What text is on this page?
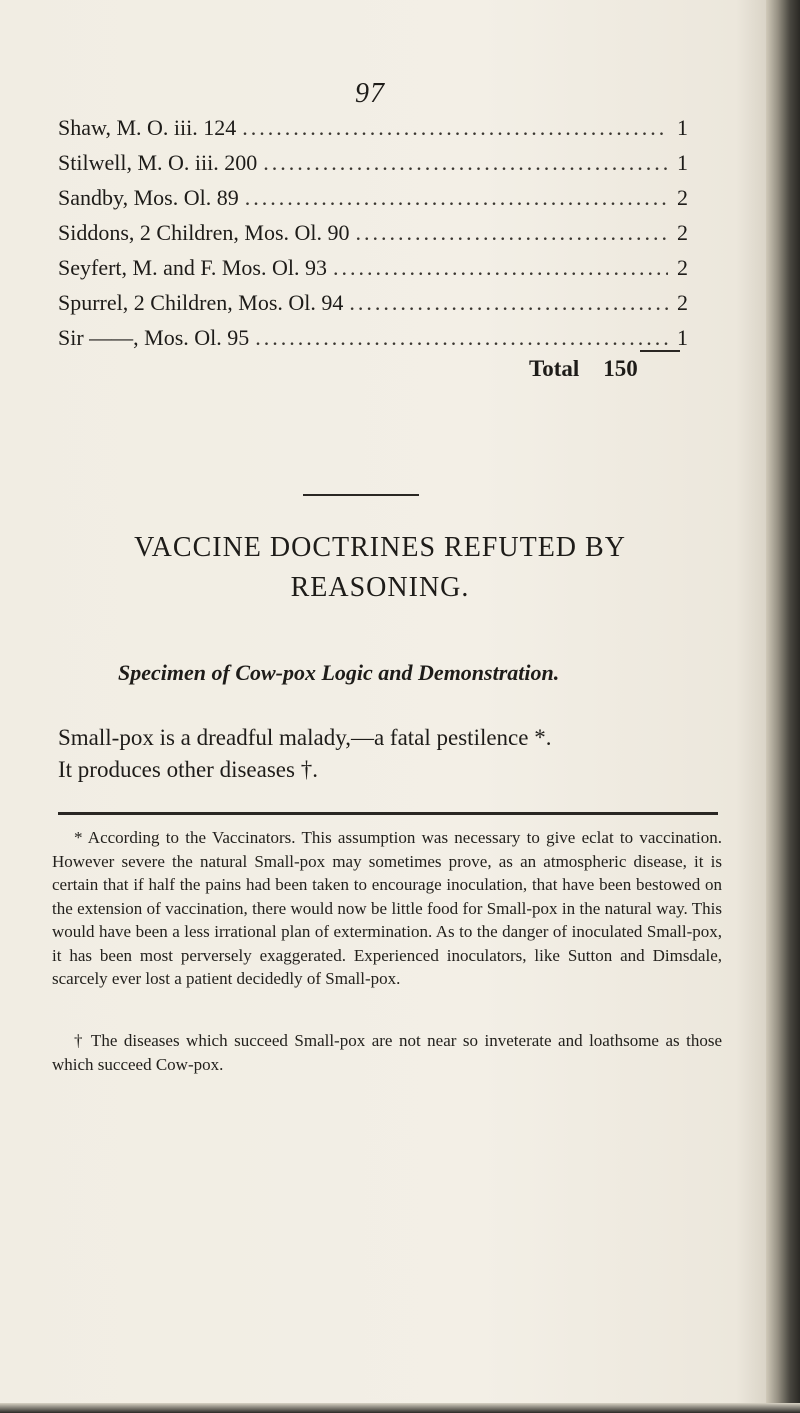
97
Shaw, M. O. iii. 124 .....	1
Stilwell, M. O. iii. 200 .....	1
Sandby, Mos. Ol. 89 .....	2
Siddons, 2 Children, Mos. Ol. 90 .....	2
Seyfert, M. and F. Mos. Ol. 93 .....	2
Spurrel, 2 Children, Mos. Ol. 94 .....	2
Sir ——, Mos. Ol. 95 .....	1
Total 150
VACCINE DOCTRINES REFUTED BY
REASONING.
Specimen of Cow-pox Logic and Demonstration.
Small-pox is a dreadful malady,—a fatal pestilence *.
It produces other diseases †.
* According to the Vaccinators. This assumption was necessary to give eclat to vaccination. However severe the natural Small-pox may sometimes prove, as an atmospheric disease, it is certain that if half the pains had been taken to encourage inoculation, that have been bestowed on the extension of vaccination, there would now be little food for Small-pox in the natural way. This would have been a less irrational plan of extermination. As to the danger of inoculated Small-pox, it has been most perversely exaggerated. Experienced inoculators, like Sutton and Dimsdale, scarcely ever lost a patient decidedly of Small-pox.
† The diseases which succeed Small-pox are not near so inveterate and loathsome as those which succeed Cow-pox.
